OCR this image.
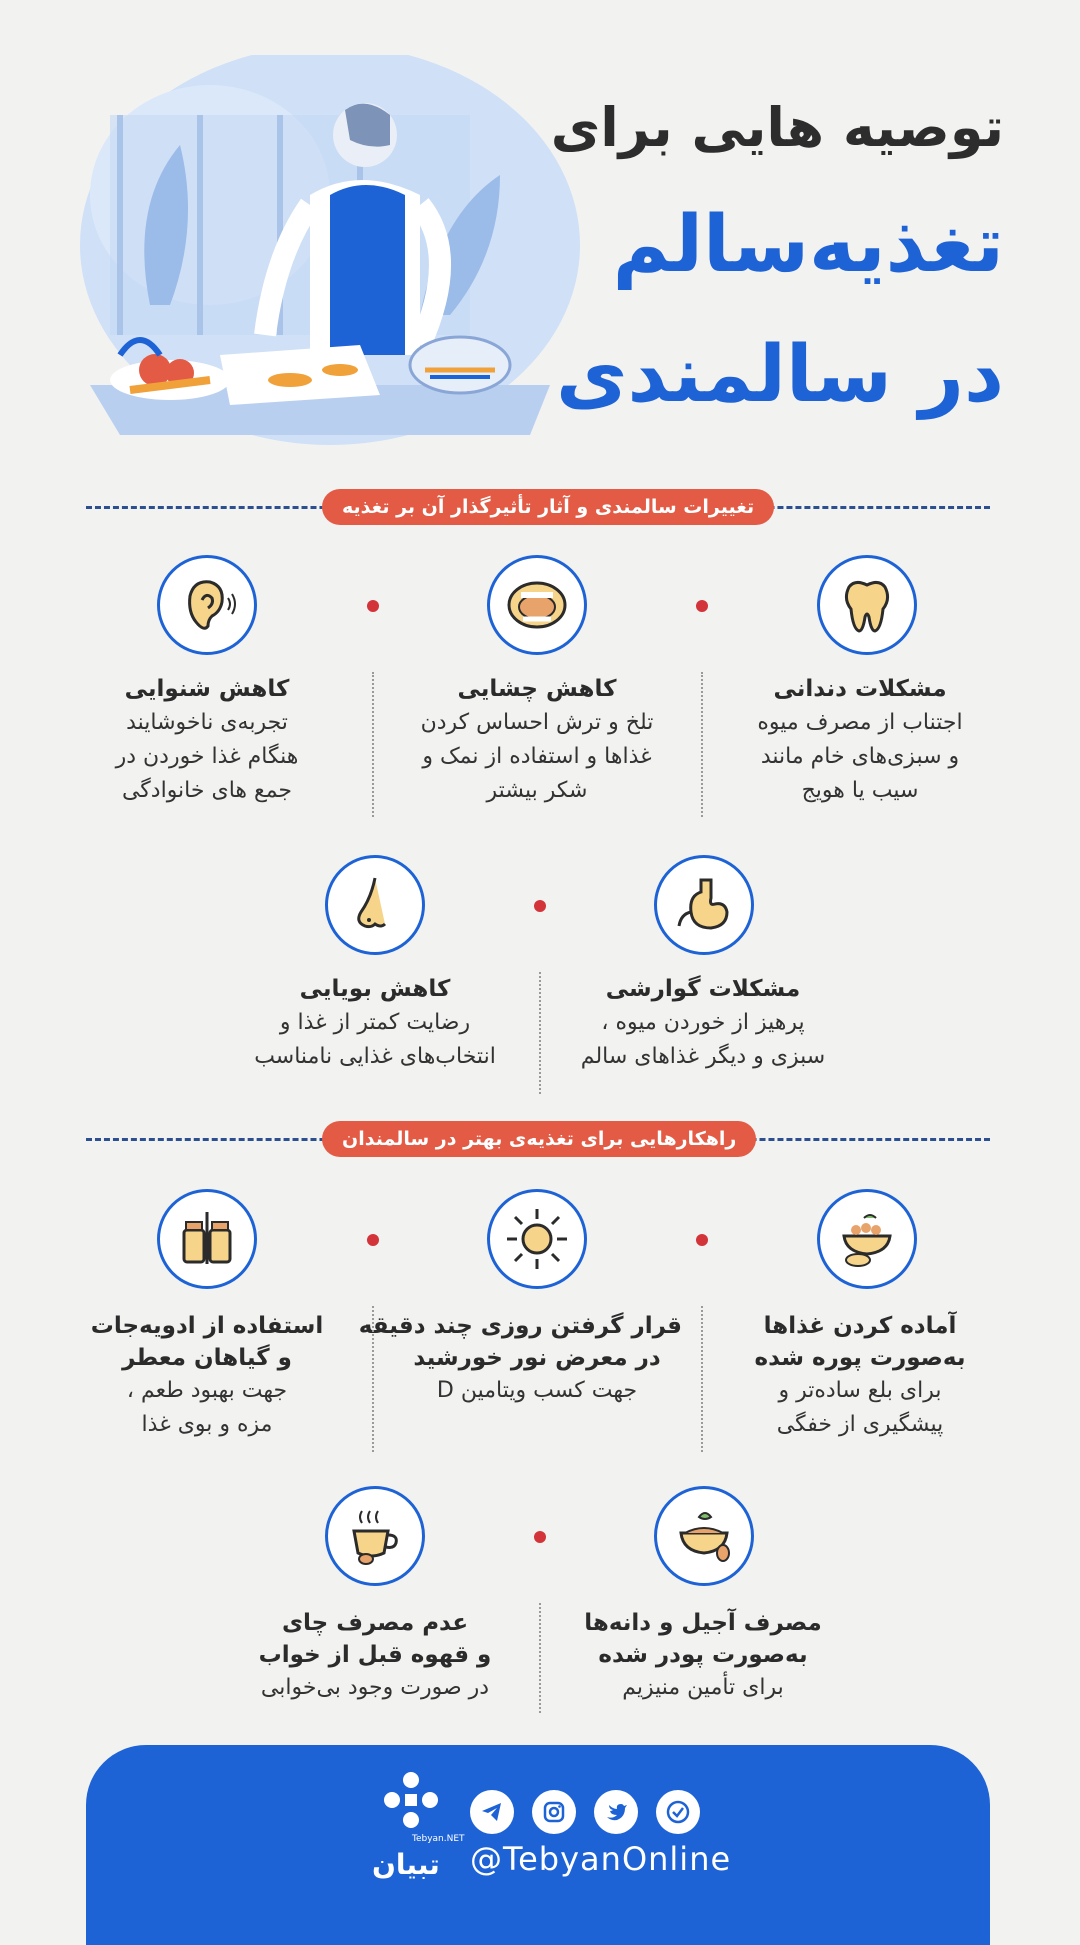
توصیه هایی برای
تغذیه‌سالم
در سالمندی
تغییرات سالمندی و آثار تأثیرگذار آن بر تغذیه
مشکلات دندانی
اجتناب از مصرف میوه
و سبزی‌های خام مانند
سیب یا هویج
کاهش چشایی
تلخ و ترش احساس کردن
غذاها و استفاده از نمک و
شکر بیشتر
کاهش شنوایی
تجربه‌ی ناخوشایند
هنگام غذا خوردن در
جمع های خانوادگی
مشکلات گوارشی
پرهیز از خوردن میوه ،
سبزی و دیگر غذاهای سالم
کاهش بویایی
رضایت کمتر از غذا و
انتخاب‌های غذایی نامناسب
راهکارهایی برای تغذیه‌ی بهتر در سالمندان
آماده کردن غذاها
به‌صورت پوره شده
برای بلع ساده‌تر و
پیشگیری از خفگی
قرار گرفتن روزی چند دقیقه
در معرض نور خورشید
جهت کسب ویتامین D
استفاده از ادویه‌جات
و گیاهان معطر
جهت بهبود طعم ،
مزه و بوی غذا
مصرف آجیل و دانه‌ها
به‌صورت پودر شده
برای تأمین منیزیم
عدم مصرف چای
و قهوه قبل از خواب
در صورت وجود بی‌خوابی
تبیان
Tebyan.NET
@TebyanOnline
